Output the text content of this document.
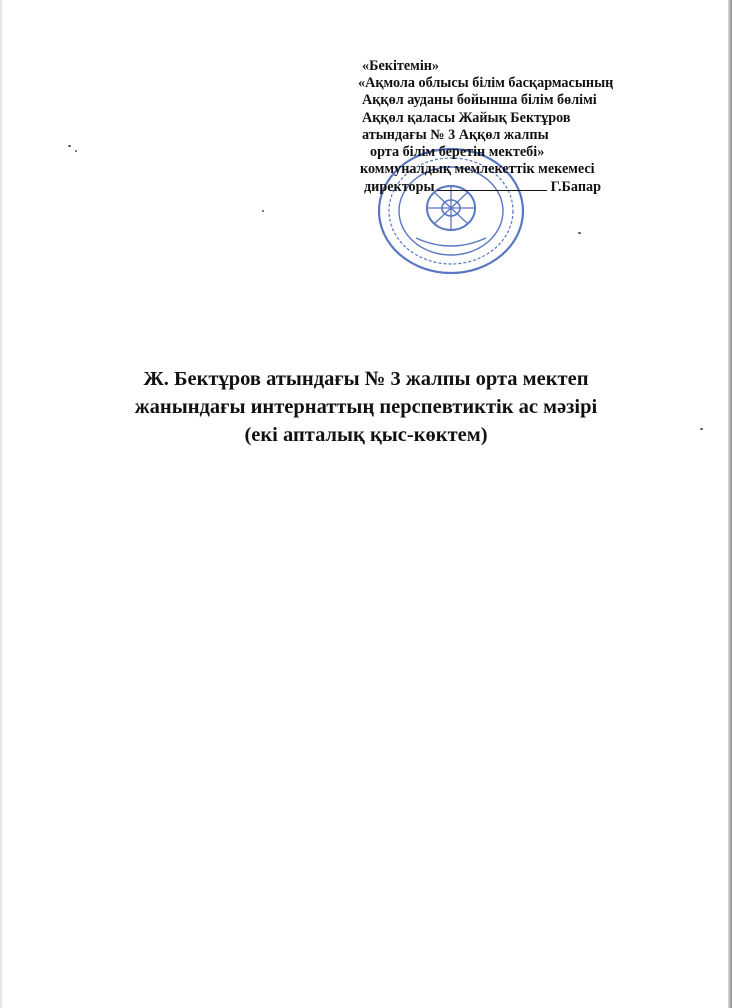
«Бекітемін»
«Ақмола облысы білім басқармасының
Аққөл ауданы бойынша білім бөлімі
Аққөл қаласы Жайық Бектұров
атындағы № 3 Аққөл жалпы
орта білім беретін мектебі»
коммуналдық мемлекеттік мекемесі
директоры	Г.Бапар
Ж. Бектұров атындағы № 3 жалпы орта мектеп
жанындағы интернаттың перспевтиктік ас мәзірі
(екі апталық қыс-көктем)
